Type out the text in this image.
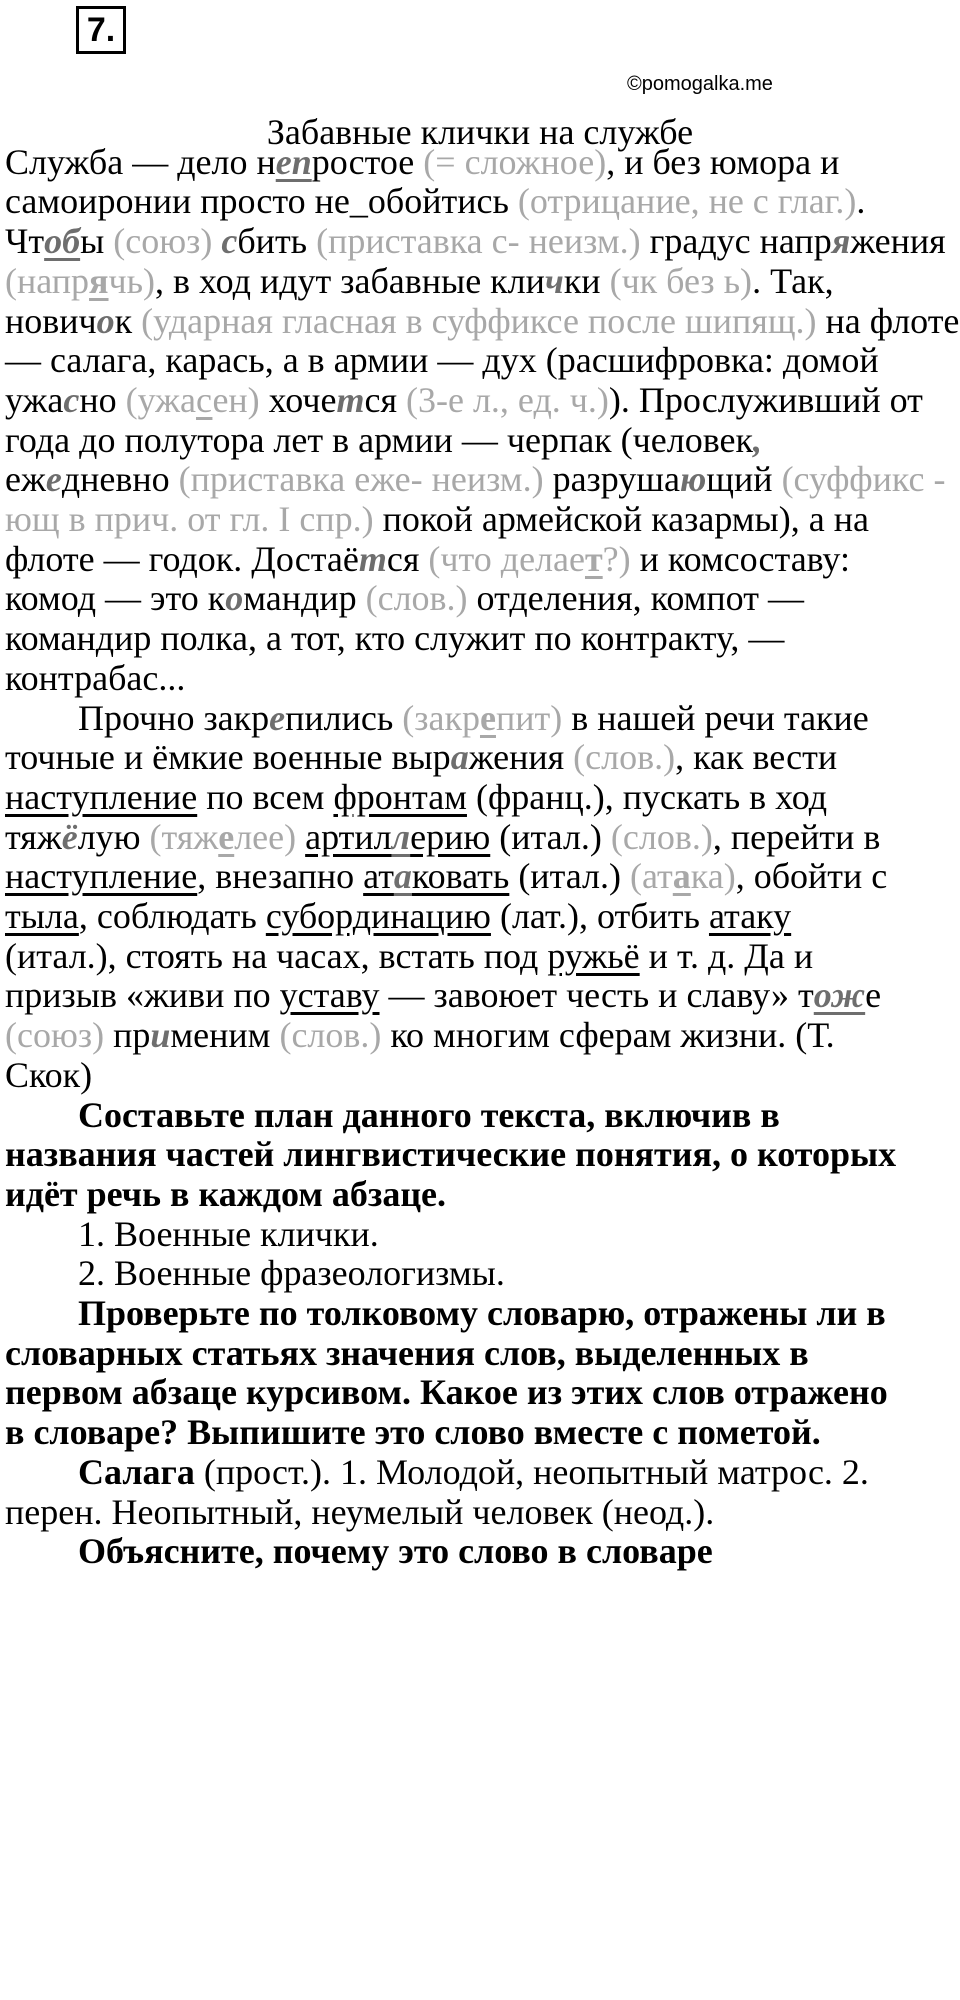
7.
©pomogalka.me
Забавные клички на службе

Служба — дело непростое (= сложное), и без юмора и

самоиронии просто не_обойтись (отрицание, не с глаг.).

Чтобы (союз) сбить (приставка с- неизм.) градус напряжения

(напрячь), в ход идут забавные клички (чк без ь). Так,

новичок (ударная гласная в суффиксе после шипящ.) на флоте

— салага, карась, а в армии — дух (расшифровка: домой

ужасно (ужасен) хочется (3-е л., ед. ч.)). Прослуживший от

года до полутора лет в армии — черпак (человек,

ежедневно (приставка еже- неизм.) разрушающий (суффикс -

ющ в прич. от гл. I спр.) покой армейской казармы), а на

флоте — годок. Достаётся (что делает?) и комсоставу:

комод — это командир (слов.) отделения, компот —

командир полка, а тот, кто служит по контракту, —

контрабас...

Прочно закрепились (закрепит) в нашей речи такие

точные и ёмкие военные выражения (слов.), как вести

наступление по всем фронтам (франц.), пускать в ход

тяжёлую (тяжелее) артиллерию (итал.) (слов.), перейти в

наступление, внезапно атаковать (итал.) (атака), обойти с

тыла, соблюдать субординацию (лат.), отбить атаку

(итал.), стоять на часах, встать под ружьё и т. д. Да и

призыв «живи по уставу — завоюет честь и славу» тоже

(союз) применим (слов.) ко многим сферам жизни. (Т.

Скок)

Составьте план данного текста, включив в

названия частей лингвистические понятия, о которых

идёт речь в каждом абзаце.

1. Военные клички.

2. Военные фразеологизмы.

Проверьте по толковому словарю, отражены ли в

словарных статьях значения слов, выделенных в

первом абзаце курсивом. Какое из этих слов отражено

в словаре? Выпишите это слово вместе с пометой.

Салага (прост.). 1. Молодой, неопытный матрос. 2.

перен. Неопытный, неумелый человек (неод.).

Объясните, почему это слово в словаре
